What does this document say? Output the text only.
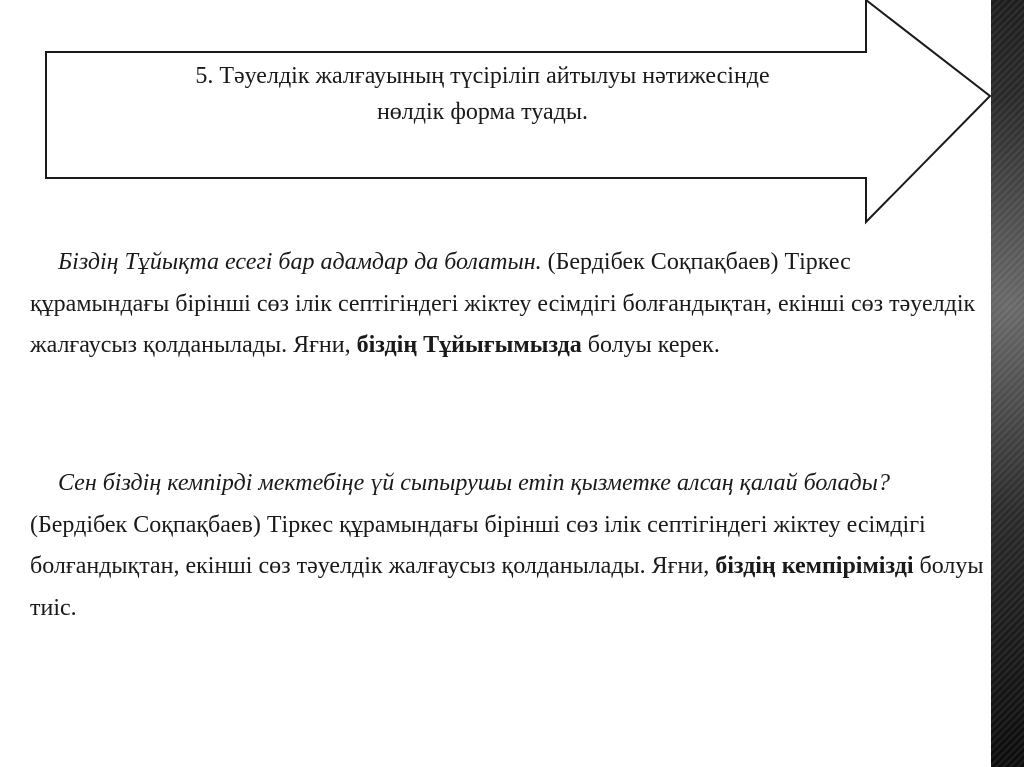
5. Тәуелдік жалғауының түсіріліп айтылуы нәтижесінде
нөлдік форма туады.
Біздің Тұйықта есегі бар адамдар да болатын. (Бердібек Соқпақбаев) Тіркес құрамындағы бірінші сөз ілік септігіндегі жіктеу есімдігі болғандықтан, екінші сөз тәуелдік жалғаусыз қолданылады. Яғни, біздің Тұйығымызда болуы керек.
Сен біздің кемпірді мектебіңе үй сыпырушы етіп қызметке алсаң қалай болады? (Бердібек Соқпақбаев) Тіркес құрамындағы бірінші сөз ілік септігіндегі жіктеу есімдігі болғандықтан, екінші сөз тәуелдік жалғаусыз қолданылады. Яғни, біздің кемпірімізді болуы тиіс.
